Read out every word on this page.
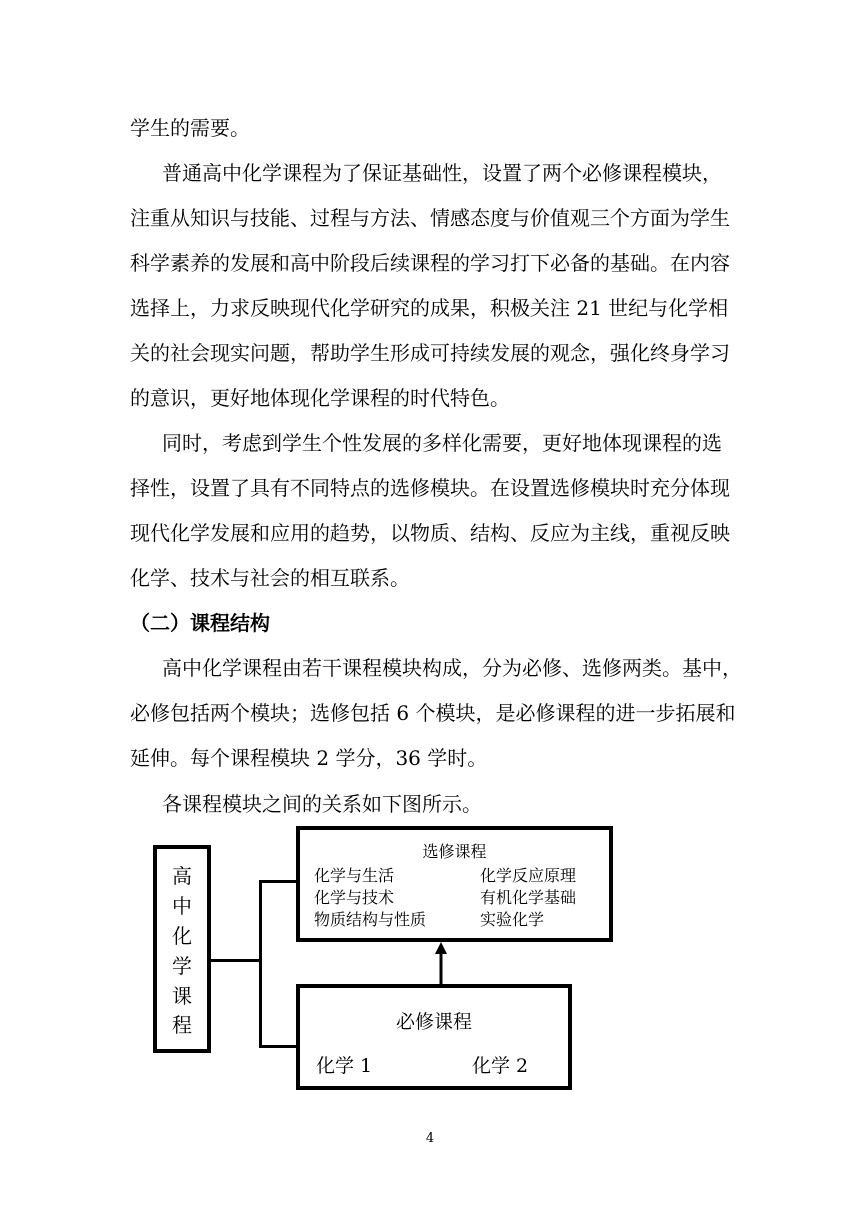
学生的需要。
普通高中化学课程为了保证基础性，设置了两个必修课程模块，
注重从知识与技能、过程与方法、情感态度与价值观三个方面为学生
科学素养的发展和高中阶段后续课程的学习打下必备的基础。在内容
选择上，力求反映现代化学研究的成果，积极关注 21 世纪与化学相
关的社会现实问题，帮助学生形成可持续发展的观念，强化终身学习
的意识，更好地体现化学课程的时代特色。
同时，考虑到学生个性发展的多样化需要，更好地体现课程的选
择性，设置了具有不同特点的选修模块。在设置选修模块时充分体现
现代化学发展和应用的趋势，以物质、结构、反应为主线，重视反映
化学、技术与社会的相互联系。
（二）课程结构
高中化学课程由若干课程模块构成，分为必修、选修两类。基中，
必修包括两个模块；选修包括 6 个模块，是必修课程的进一步拓展和
延伸。每个课程模块 2 学分，36 学时。
各课程模块之间的关系如下图所示。
高
中
化
学
课
程
选修课程
化学与生活
化学与技术
物质结构与性质
化学反应原理
有机化学基础
实验化学
必修课程
化学 1	化学 2
4
